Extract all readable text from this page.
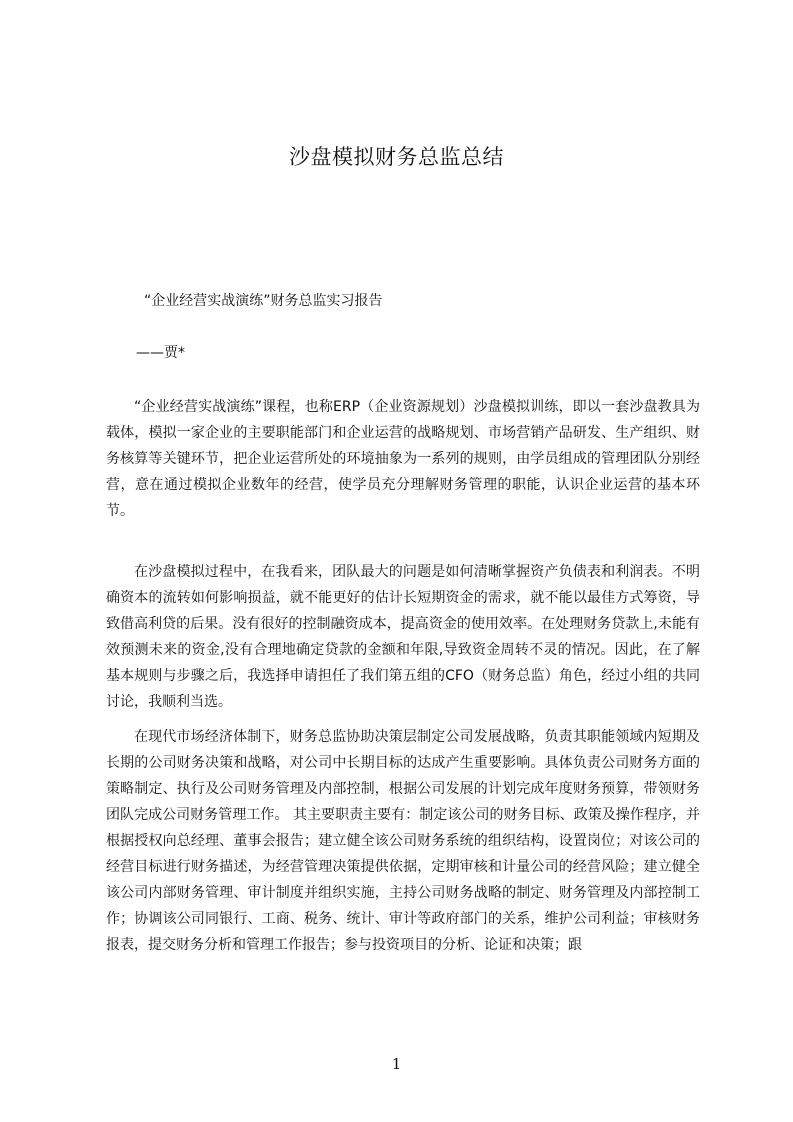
沙盘模拟财务总监总结
“企业经营实战演练”财务总监实习报告
——贾*

“企业经营实战演练”课程，也称ERP（企业资源规划）沙盘模拟训练，即以一套沙盘教具为载体，模拟一家企业的主要职能部门和企业运营的战略规划、市场营销产品研发、生产组织、财务核算等关键环节，把企业运营所处的环境抽象为一系列的规则，由学员组成的管理团队分别经营，意在通过模拟企业数年的经营，使学员充分理解财务管理的职能，认识企业运营的基本环节。

在沙盘模拟过程中，在我看来，团队最大的问题是如何清晰掌握资产负债表和利润表。不明确资本的流转如何影响损益，就不能更好的估计长短期资金的需求，就不能以最佳方式筹资，导致借高利贷的后果。没有很好的控制融资成本，提高资金的使用效率。在处理财务贷款上,未能有效预测未来的资金,没有合理地确定贷款的金额和年限,导致资金周转不灵的情况。因此，在了解基本规则与步骤之后，我选择申请担任了我们第五组的CFO（财务总监）角色，经过小组的共同讨论，我顺利当选。

在现代市场经济体制下，财务总监协助决策层制定公司发展战略，负责其职能领域内短期及长期的公司财务决策和战略，对公司中长期目标的达成产生重要影响。具体负责公司财务方面的策略制定、执行及公司财务管理及内部控制，根据公司发展的计划完成年度财务预算，带领财务团队完成公司财务管理工作。 其主要职责主要有：制定该公司的财务目标、政策及操作程序，并根据授权向总经理、董事会报告；建立健全该公司财务系统的组织结构，设置岗位；对该公司的经营目标进行财务描述，为经营管理决策提供依据，定期审核和计量公司的经营风险；建立健全该公司内部财务管理、审计制度并组织实施，主持公司财务战略的制定、财务管理及内部控制工作；协调该公司同银行、工商、税务、统计、审计等政府部门的关系，维护公司利益；审核财务报表，提交财务分析和管理工作报告；参与投资项目的分析、论证和决策；跟

1
